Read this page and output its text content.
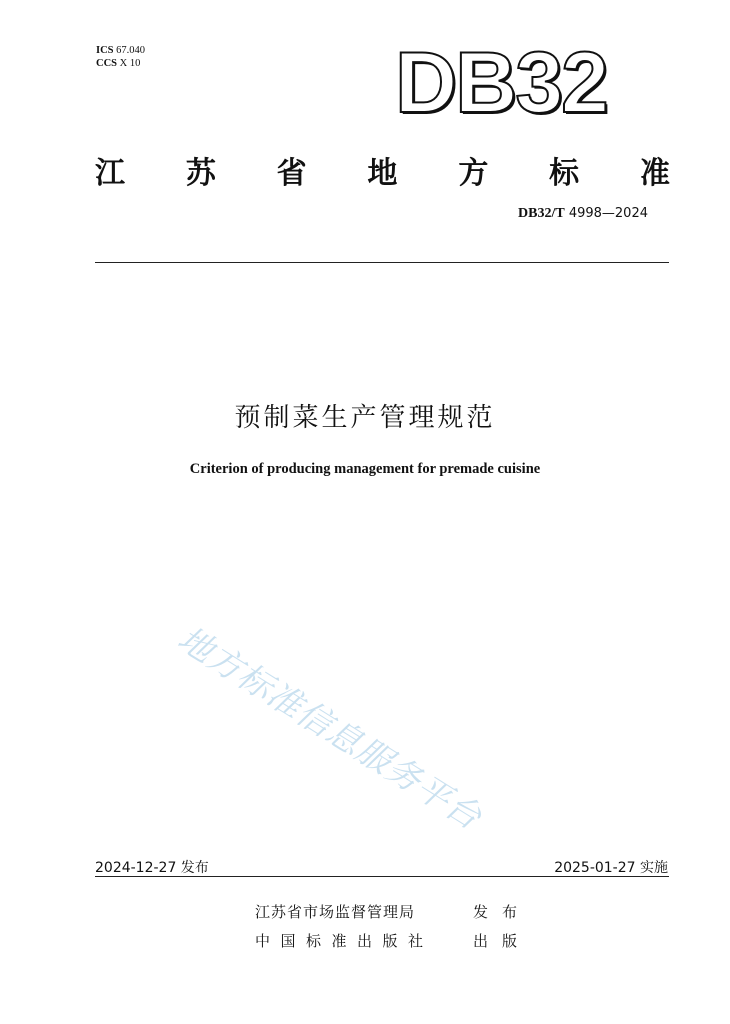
ICS 67.040
CCS X 10	DB32
江 苏 省 地 方 标 准
DB32/T 4998—2024
预制菜生产管理规范
Criterion of producing management for premade cuisine
地方标准信息服务平台
2024-12-27 发布	2025-01-27 实施
江苏省市场监督管理局	发布
中国标准出版社	出版
